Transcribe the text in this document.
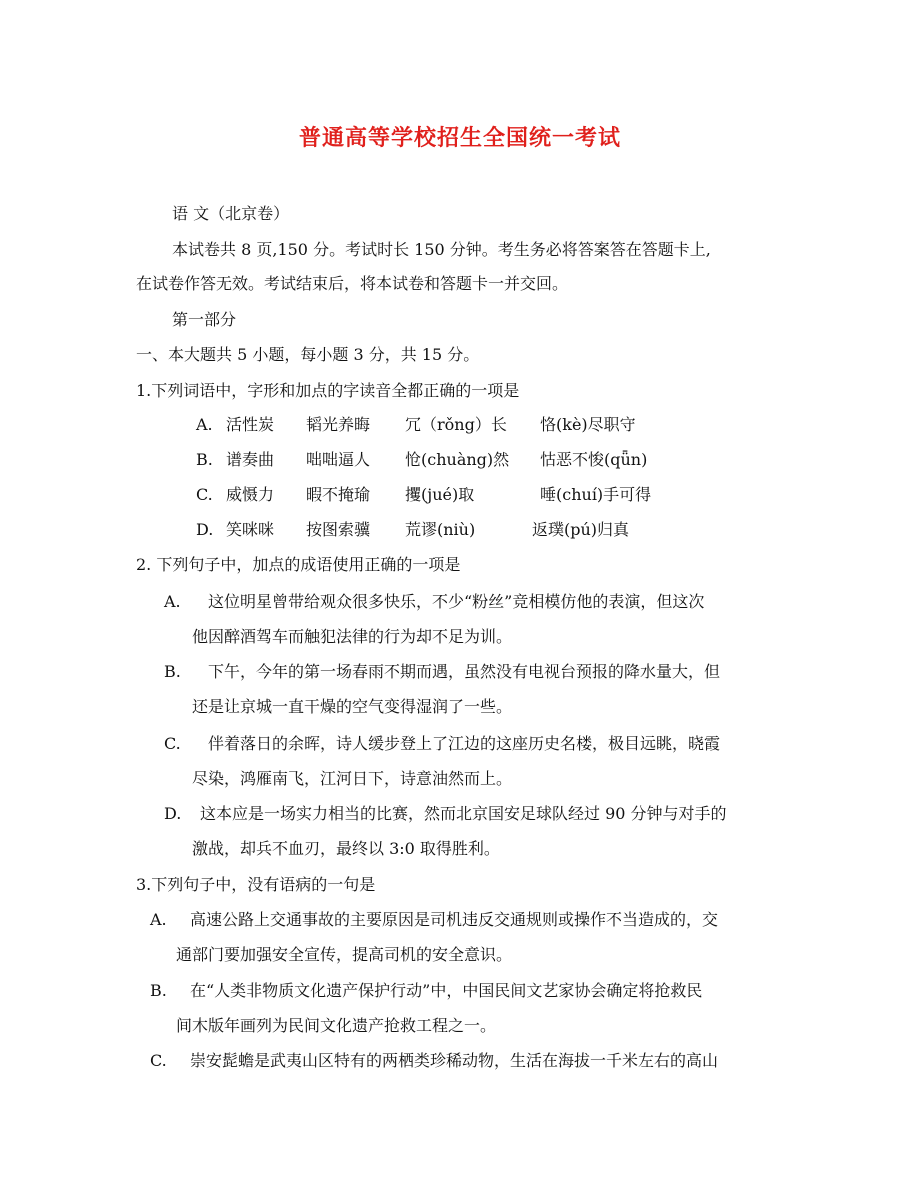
普通高等学校招生全国统一考试
语 文（北京卷）
本试卷共 8 页,150 分。考试时长 150 分钟。考生务必将答案答在答题卡上,
在试卷作答无效。考试结束后，将本试卷和答题卡一并交回。
第一部分
一、本大题共 5 小题，每小题 3 分，共 15 分。
1.下列词语中，字形和加点的字读音全都正确的一项是
A. 活性炭 韬光养晦 冗（rǒng）长 恪(kè)尽职守
B. 谱奏曲 咄咄逼人 怆(chuàng)然 怙恶不悛(qǖn)
C. 威慑力 暇不掩瑜 攫(jué)取	唾(chuí)手可得
D. 笑咪咪 按图索骥 荒谬(niù)	返璞(pú)归真
2. 下列句子中，加点的成语使用正确的一项是
A. 这位明星曾带给观众很多快乐，不少“粉丝”竞相模仿他的表演，但这次
他因醉酒驾车而触犯法律的行为却不足为训。
B. 下午，今年的第一场春雨不期而遇，虽然没有电视台预报的降水量大，但
还是让京城一直干燥的空气变得湿润了一些。
C. 伴着落日的余晖，诗人缓步登上了江边的这座历史名楼，极目远眺，晓霞
尽染，鸿雁南飞，江河日下，诗意油然而上。
D. 这本应是一场实力相当的比赛，然而北京国安足球队经过 90 分钟与对手的
激战，却兵不血刃，最终以 3:0 取得胜利。
3.下列句子中，没有语病的一句是
A. 高速公路上交通事故的主要原因是司机违反交通规则或操作不当造成的，交
通部门要加强安全宣传，提高司机的安全意识。
B. 在“人类非物质文化遗产保护行动”中，中国民间文艺家协会确定将抢救民
间木版年画列为民间文化遗产抢救工程之一。
C. 崇安髭蟾是武夷山区特有的两栖类珍稀动物，生活在海拔一千米左右的高山
